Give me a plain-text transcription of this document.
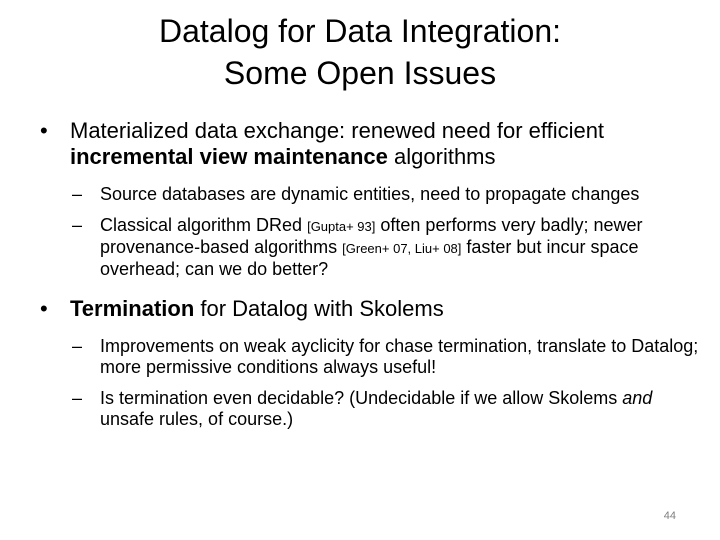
Datalog for Data Integration:
Some Open Issues
• Materialized data exchange: renewed need for efficient incremental view maintenance algorithms
– Source databases are dynamic entities, need to propagate changes
– Classical algorithm DRed [Gupta+ 93] often performs very badly; newer provenance-based algorithms [Green+ 07, Liu+ 08] faster but incur space overhead; can we do better?
• Termination for Datalog with Skolems
– Improvements on weak ayclicity for chase termination, translate to Datalog; more permissive conditions always useful!
– Is termination even decidable? (Undecidable if we allow Skolems and unsafe rules, of course.)
44
